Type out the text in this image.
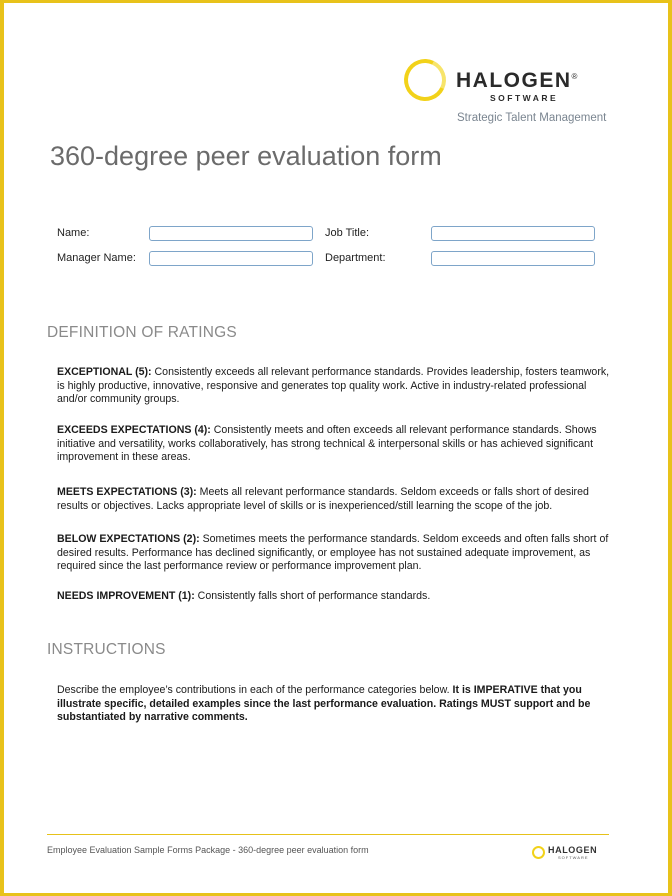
HALOGEN®
SOFTWARE
Strategic Talent Management
360-degree peer evaluation form
Name:	Job Title:
Manager Name:	Department:
DEFINITION OF RATINGS
EXCEPTIONAL (5): Consistently exceeds all relevant performance standards. Provides leadership, fosters teamwork, is highly productive, innovative, responsive and generates top quality work. Active in industry-related professional and/or community groups.
EXCEEDS EXPECTATIONS (4): Consistently meets and often exceeds all relevant performance standards. Shows initiative and versatility, works collaboratively, has strong technical & interpersonal skills or has achieved significant improvement in these areas.
MEETS EXPECTATIONS (3): Meets all relevant performance standards. Seldom exceeds or falls short of desired results or objectives. Lacks appropriate level of skills or is inexperienced/still learning the scope of the job.
BELOW EXPECTATIONS (2): Sometimes meets the performance standards. Seldom exceeds and often falls short of desired results. Performance has declined significantly, or employee has not sustained adequate improvement, as required since the last performance review or performance improvement plan.
NEEDS IMPROVEMENT (1): Consistently falls short of performance standards.
INSTRUCTIONS
Describe the employee’s contributions in each of the performance categories below. It is IMPERATIVE that you illustrate specific, detailed examples since the last performance evaluation. Ratings MUST support and be substantiated by narrative comments.
Employee Evaluation Sample Forms Package - 360-degree peer evaluation form	HALOGEN
SOFTWARE
